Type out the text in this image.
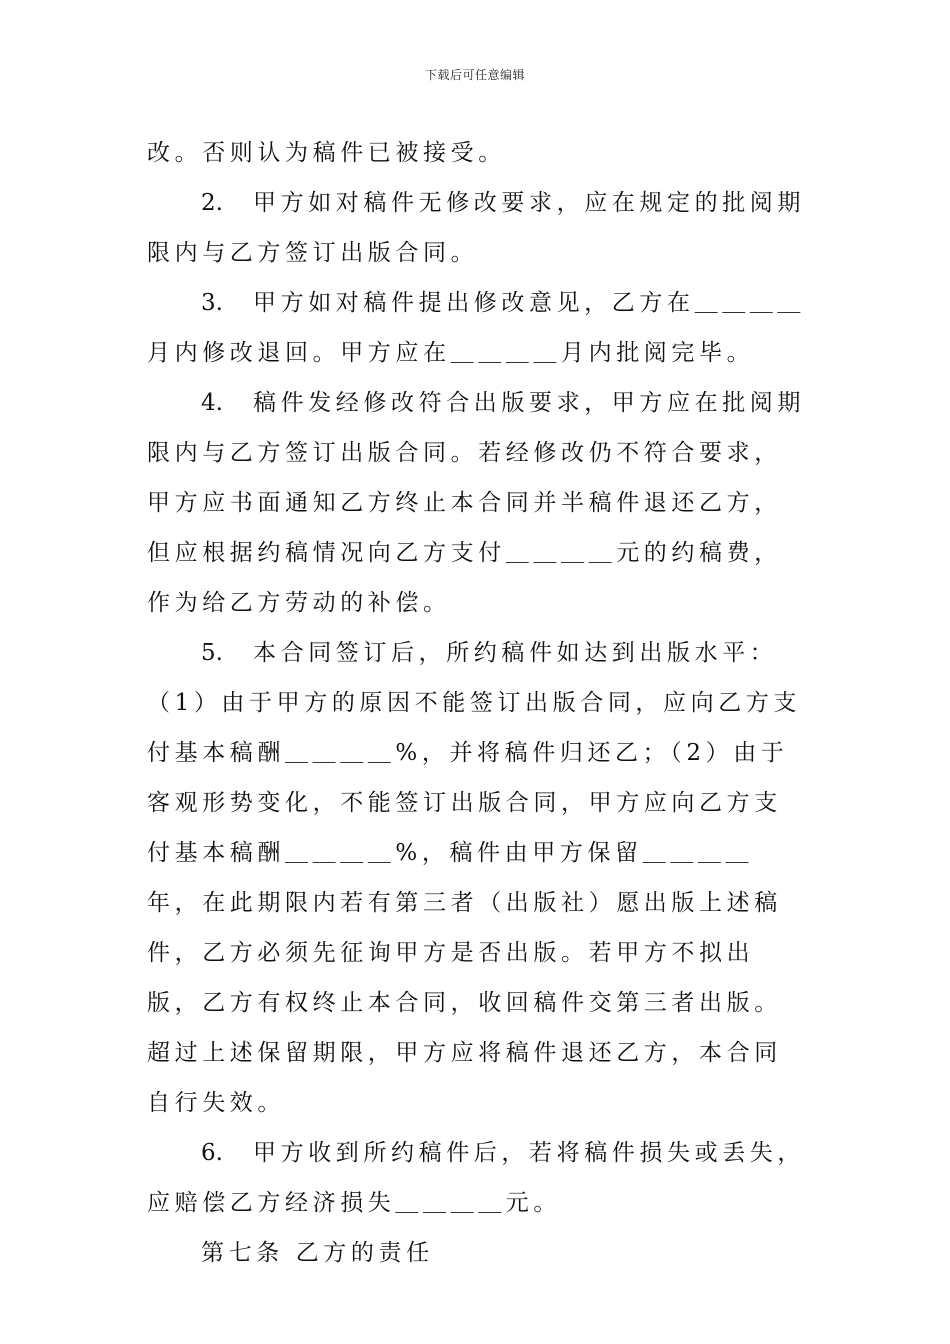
下载后可任意编辑

改。否则认为稿件已被接受。

2. 甲方如对稿件无修改要求，应在规定的批阅期限内与乙方签订出版合同。

3. 甲方如对稿件提出修改意见，乙方在＿＿＿＿月内修改退回。甲方应在＿＿＿＿月内批阅完毕。

4. 稿件发经修改符合出版要求，甲方应在批阅期限内与乙方签订出版合同。若经修改仍不符合要求，甲方应书面通知乙方终止本合同并半稿件退还乙方，但应根据约稿情况向乙方支付＿＿＿＿元的约稿费，作为给乙方劳动的补偿。

5. 本合同签订后，所约稿件如达到出版水平：（1）由于甲方的原因不能签订出版合同，应向乙方支付基本稿酬＿＿＿＿%，并将稿件归还乙；（2）由于客观形势变化，不能签订出版合同，甲方应向乙方支付基本稿酬＿＿＿＿%，稿件由甲方保留＿＿＿＿年，在此期限内若有第三者（出版社）愿出版上述稿件，乙方必须先征询甲方是否出版。若甲方不拟出版，乙方有权终止本合同，收回稿件交第三者出版。超过上述保留期限，甲方应将稿件退还乙方，本合同自行失效。

6. 甲方收到所约稿件后，若将稿件损失或丢失，应赔偿乙方经济损失＿＿＿＿元。

第七条 乙方的责任
